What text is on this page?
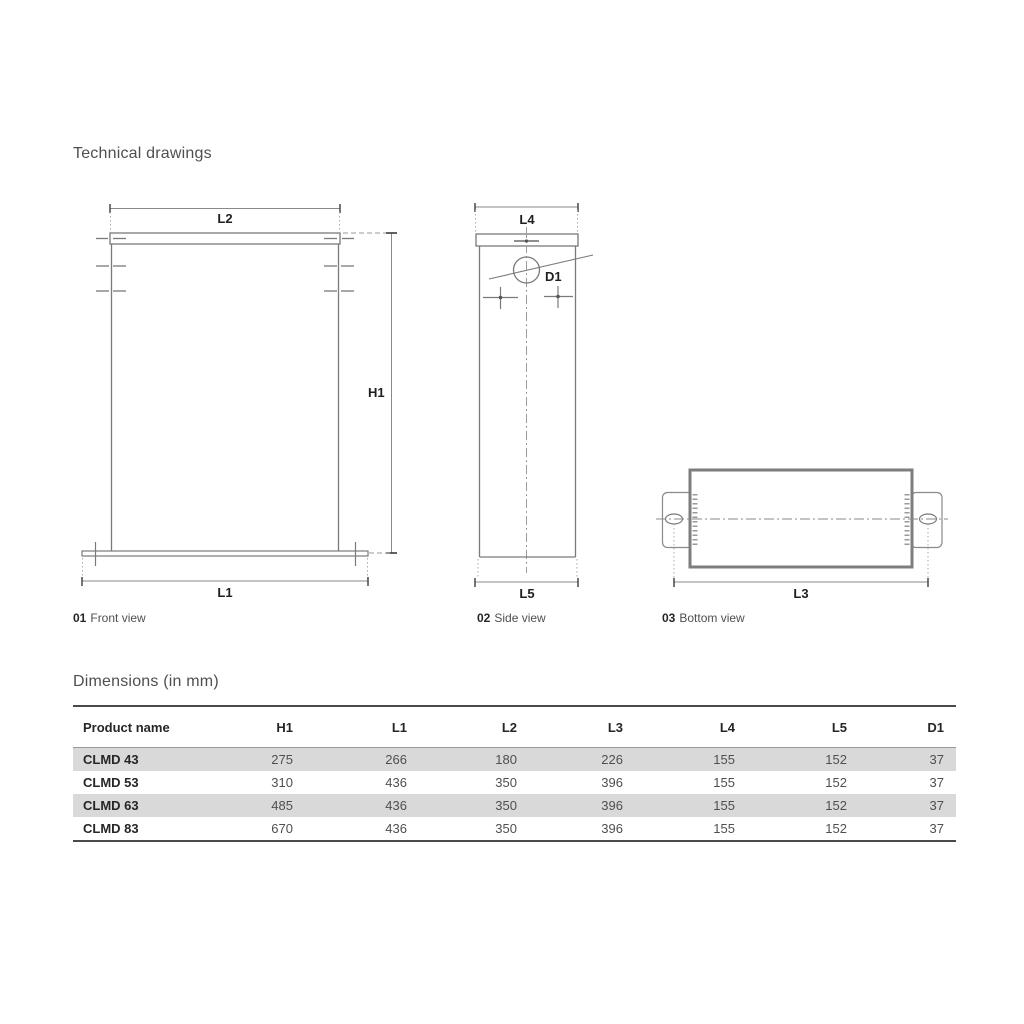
Technical drawings
Dimensions (in mm)
L2
H1
L1
L4
D1
L5	L3
01 Front view	02 Side view	03 Bottom view
Product name	H1	L1	L2	L3	L4	L5	D1
CLMD 43	275	266	180	226	155	152	37
CLMD 53	310	436	350	396	155	152	37
CLMD 63	485	436	350	396	155	152	37
CLMD 83	670	436	350	396	155	152	37
